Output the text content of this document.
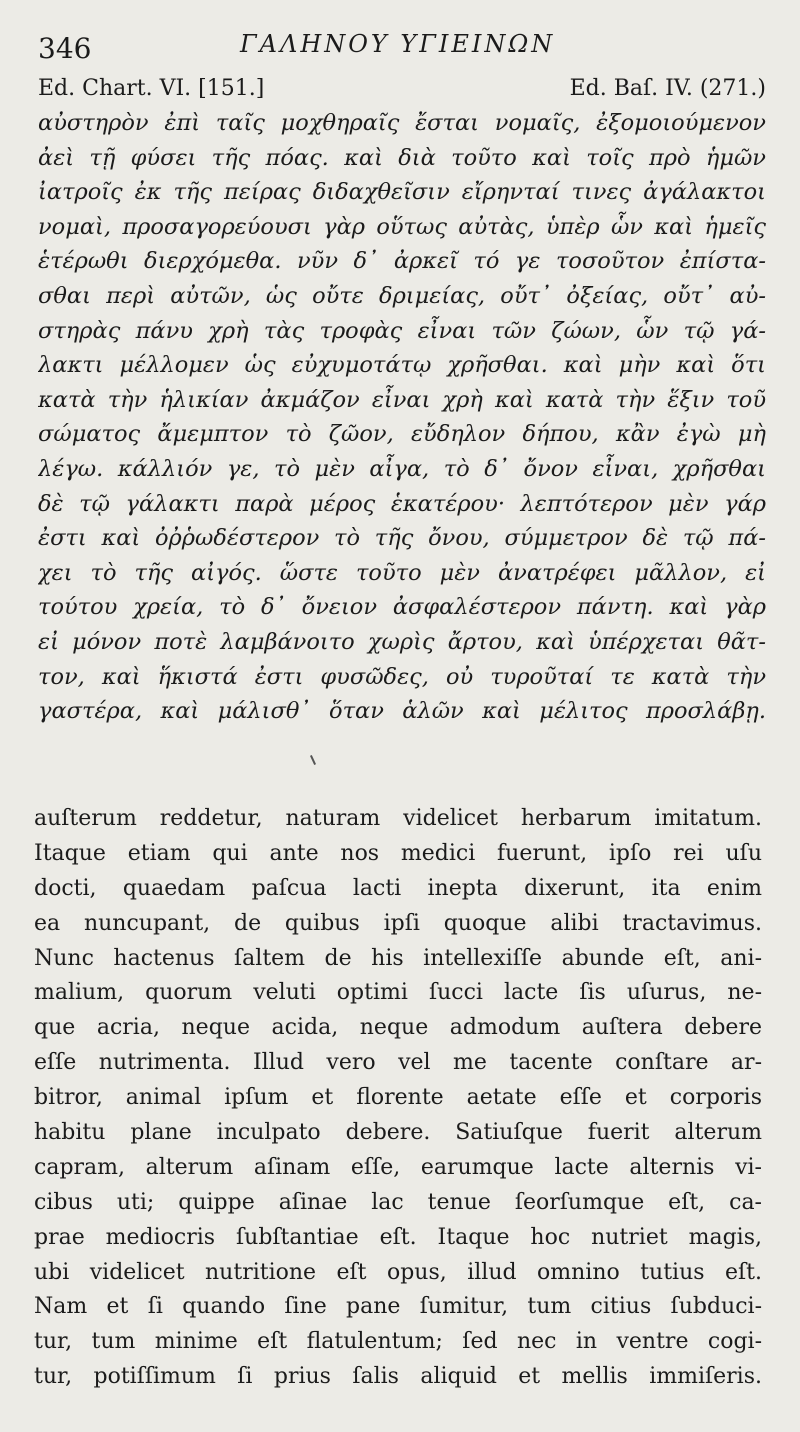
346	ΓΑΛΗΝΟΥ ΥΓΙΕΙΝΩΝ
Ed. Chart. VI. [151.]	Ed. Baſ. IV. (271.)
αὐστηρὸν ἐπὶ ταῖς μοχθηραῖς ἔσται νομαῖς, ἐξομοιούμενον
ἀεὶ τῇ φύσει τῆς πόας. καὶ διὰ τοῦτο καὶ τοῖς πρὸ ἡμῶν
ἰατροῖς ἐκ τῆς πείρας διδαχθεῖσιν εἴρηνταί τινες ἀγάλακτοι
νομαὶ, προσαγορεύουσι γὰρ οὕτως αὐτὰς, ὑπὲρ ὧν καὶ ἡμεῖς
ἑτέρωθι διερχόμεθα. νῦν δ᾽ ἀρκεῖ τό γε τοσοῦτον ἐπίστα-
σθαι περὶ αὐτῶν, ὡς οὔτε δριμείας, οὔτ᾽ ὀξείας, οὔτ᾽ αὐ-
στηρὰς πάνυ χρὴ τὰς τροφὰς εἶναι τῶν ζώων, ὧν τῷ γά-
λακτι μέλλομεν ὡς εὐχυμοτάτῳ χρῆσθαι. καὶ μὴν καὶ ὅτι
κατὰ τὴν ἡλικίαν ἀκμάζον εἶναι χρὴ καὶ κατὰ τὴν ἕξιν τοῦ
σώματος ἄμεμπτον τὸ ζῶον, εὔδηλον δήπου, κἂν ἐγὼ μὴ
λέγω. κάλλιόν γε, τὸ μὲν αἶγα, τὸ δ᾽ ὄνον εἶναι, χρῆσθαι
δὲ τῷ γάλακτι παρὰ μέρος ἑκατέρου· λεπτότερον μὲν γάρ
ἐστι καὶ ὀῤῥωδέστερον τὸ τῆς ὄνου, σύμμετρον δὲ τῷ πά-
χει τὸ τῆς αἰγός. ὥστε τοῦτο μὲν ἀνατρέφει μᾶλλον, εἰ
τούτου χρεία, τὸ δ᾽ ὄνειον ἀσφαλέστερον πάντη. καὶ γὰρ
εἰ μόνον ποτὲ λαμβάνοιτο χωρὶς ἄρτου, καὶ ὑπέρχεται θᾶτ-
τον, καὶ ἥκιστά ἐστι φυσῶδες, οὐ τυροῦταί τε κατὰ τὴν
γαστέρα, καὶ μάλισθ᾽ ὅταν ἁλῶν καὶ μέλιτος προσλάβῃ.
auſterum reddetur, naturam videlicet herbarum imitatum.
Itaque etiam qui ante nos medici fuerunt, ipſo rei uſu
docti, quaedam paſcua lacti inepta dixerunt, ita enim
ea nuncupant, de quibus ipſi quoque alibi tractavimus.
Nunc hactenus ſaltem de his intellexiſſe abunde eſt, ani-
malium, quorum veluti optimi ſucci lacte ſis uſurus, ne-
que acria, neque acida, neque admodum auſtera debere
eſſe nutrimenta. Illud vero vel me tacente conſtare ar-
bitror, animal ipſum et florente aetate eſſe et corporis
habitu plane inculpato debere. Satiuſque fuerit alterum
capram, alterum aſinam eſſe, earumque lacte alternis vi-
cibus uti; quippe aſinae lac tenue ſeorſumque eſt, ca-
prae mediocris ſubſtantiae eſt. Itaque hoc nutriet magis,
ubi videlicet nutritione eſt opus, illud omnino tutius eſt.
Nam et ſi quando ſine pane ſumitur, tum citius ſubduci-
tur, tum minime eſt flatulentum; ſed nec in ventre cogi-
tur, potiſſimum ſi prius ſalis aliquid et mellis immiſeris.
